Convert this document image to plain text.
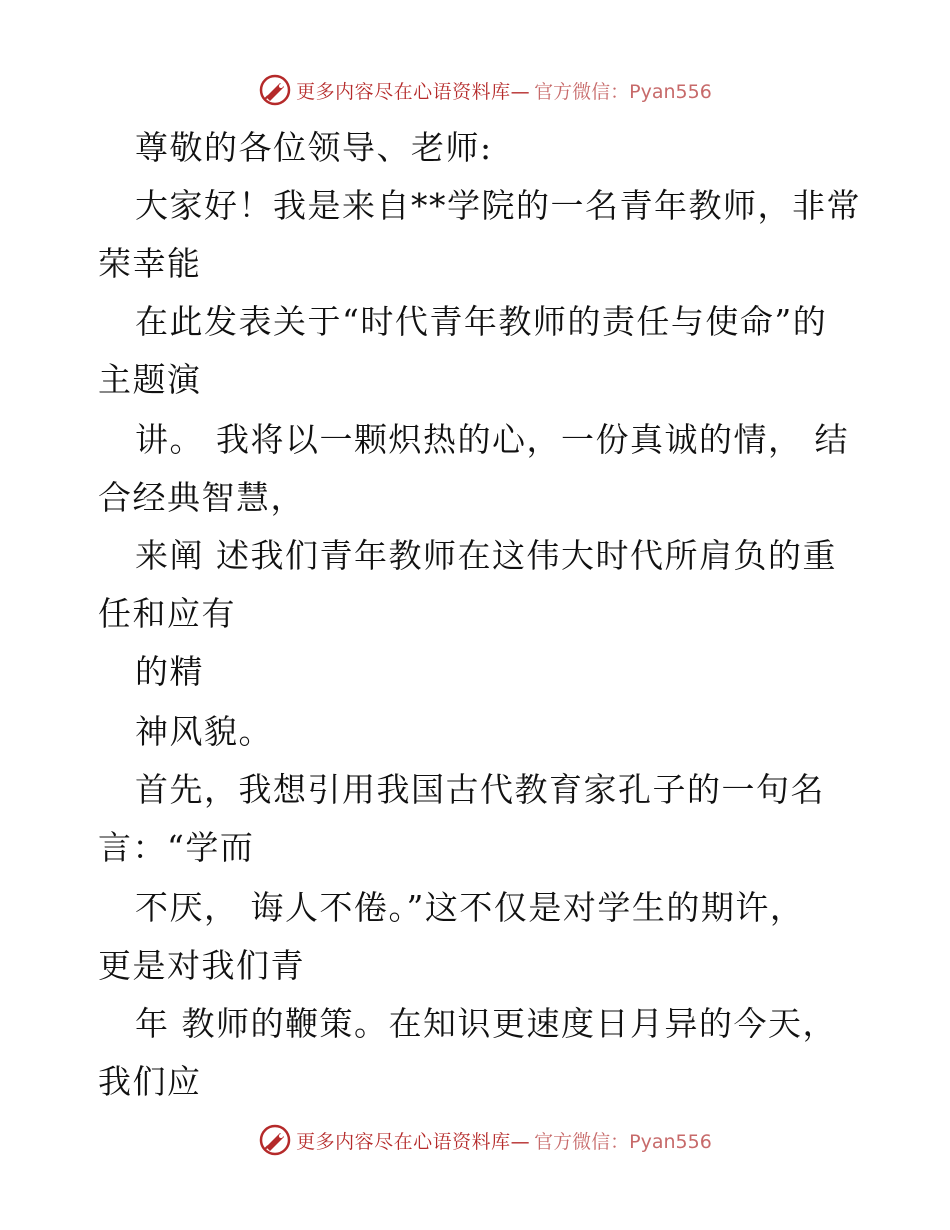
更多内容尽在心语资料库— 官方微信：Pyan556
尊敬的各位领导、老师:
大家好！我是来自**学院的一名青年教师，非常
荣幸能
在此发表关于“时代青年教师的责任与使命”的
主题演
讲。 我将以一颗炽热的心，一份真诚的情， 结
合经典智慧，
来阐 述我们青年教师在这伟大时代所肩负的重
任和应有
的精
神风貌。
首先，我想引用我国古代教育家孔子的一句名
言：“学而
不厌， 诲人不倦。”这不仅是对学生的期许，
更是对我们青
年 教师的鞭策。在知识更速度日月异的今天，
我们应
更多内容尽在心语资料库— 官方微信：Pyan556
